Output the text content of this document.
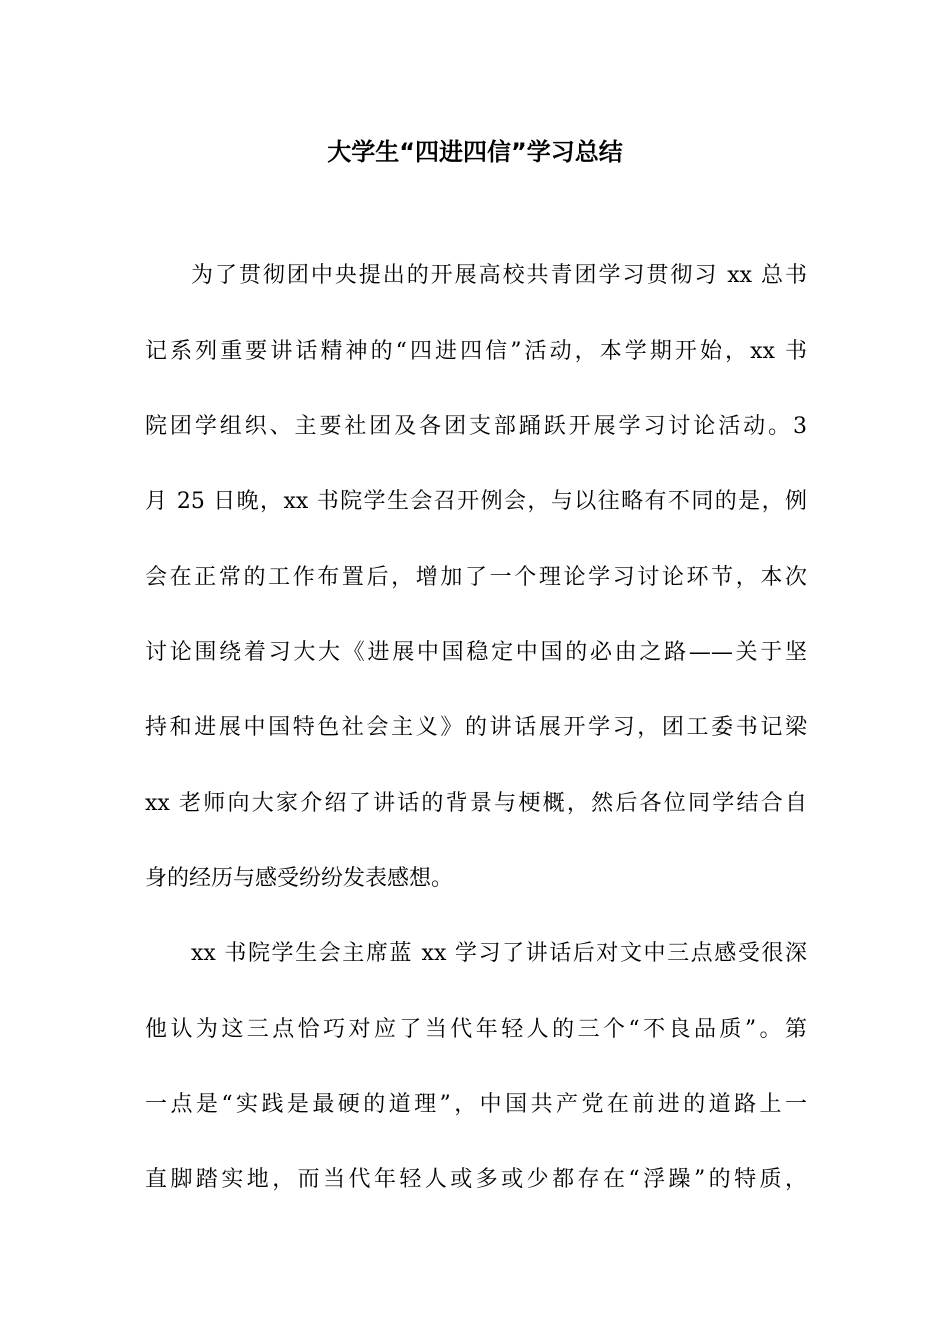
大学生“四进四信”学习总结

为了贯彻团中央提出的开展高校共青团学习贯彻习 xx 总书

记系列重要讲话精神的“四进四信”活动，本学期开始，xx 书

院团学组织、主要社团及各团支部踊跃开展学习讨论活动。3

月 25 日晚，xx 书院学生会召开例会，与以往略有不同的是，例

会在正常的工作布置后，增加了一个理论学习讨论环节，本次

讨论围绕着习大大《进展中国稳定中国的必由之路——关于坚

持和进展中国特色社会主义》的讲话展开学习，团工委书记梁

xx 老师向大家介绍了讲话的背景与梗概，然后各位同学结合自

身的经历与感受纷纷发表感想。

xx 书院学生会主席蓝 xx 学习了讲话后对文中三点感受很深

他认为这三点恰巧对应了当代年轻人的三个“不良品质”。第

一点是“实践是最硬的道理”，中国共产党在前进的道路上一

直脚踏实地，而当代年轻人或多或少都存在“浮躁”的特质，
